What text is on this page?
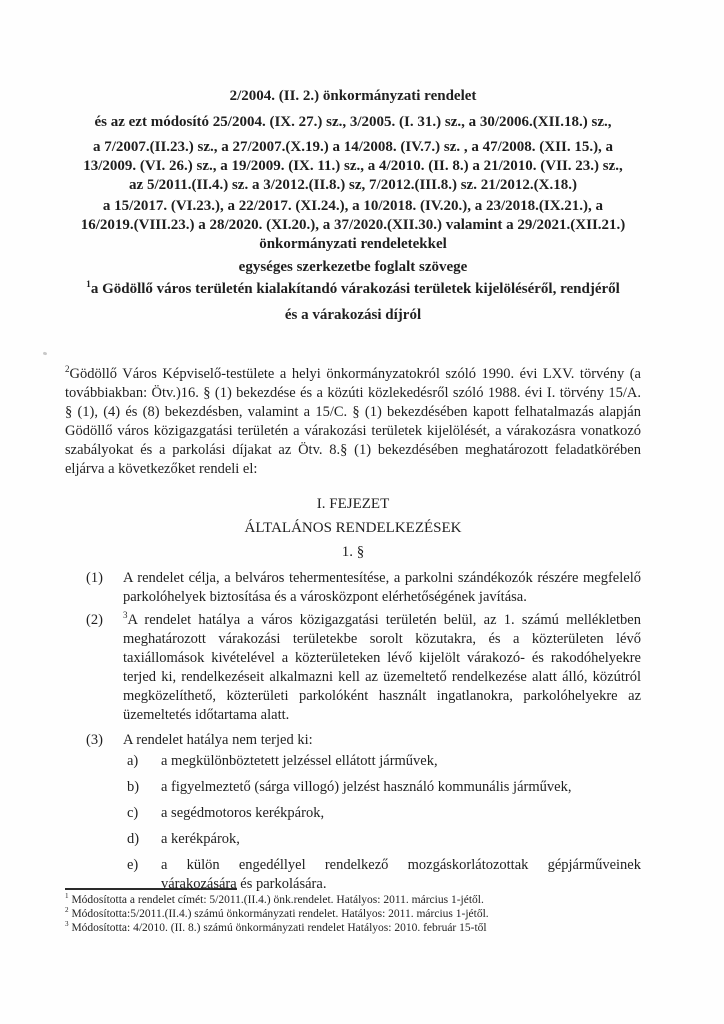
2/2004. (II. 2.) önkormányzati rendelet
és az ezt módosító 25/2004. (IX. 27.) sz., 3/2005. (I. 31.) sz., a 30/2006.(XII.18.) sz.,
a 7/2007.(II.23.) sz., a 27/2007.(X.19.) a 14/2008. (IV.7.) sz. , a 47/2008. (XII. 15.), a
13/2009. (VI. 26.) sz., a 19/2009. (IX. 11.) sz., a 4/2010. (II. 8.) a 21/2010. (VII. 23.) sz.,
az 5/2011.(II.4.) sz. a 3/2012.(II.8.) sz, 7/2012.(III.8.) sz. 21/2012.(X.18.)
a 15/2017. (VI.23.), a 22/2017. (XI.24.), a 10/2018. (IV.20.), a 23/2018.(IX.21.), a
16/2019.(VIII.23.) a 28/2020. (XI.20.), a 37/2020.(XII.30.) valamint a 29/2021.(XII.21.)
önkormányzati rendeletekkel
egységes szerkezetbe foglalt szövege
$^1$a Gödöllő város területén kialakítandó várakozási területek kijelöléséről, rendjéről
és a várakozási díjról
$^2$Gödöllő Város Képviselő-testülete a helyi önkormányzatokról szóló 1990. évi LXV. törvény (a továbbiakban: Ötv.)16. § (1) bekezdése és a közúti közlekedésről szóló 1988. évi I. törvény 15/A. § (1), (4) és (8) bekezdésben, valamint a 15/C. § (1) bekezdésében kapott felhatalmazás alapján Gödöllő város közigazgatási területén a várakozási területek kijelölését, a várakozásra vonatkozó szabályokat és a parkolási díjakat az Ötv. 8.§ (1) bekezdésében meghatározott feladatkörében eljárva a következőket rendeli el:
I. FEJEZET
ÁLTALÁNOS RENDELKEZÉSEK
1. §
(1)	A rendelet célja, a belváros tehermentesítése, a parkolni szándékozók részére megfelelő parkolóhelyek biztosítása és a városközpont elérhetőségének javítása.
(2)	$^3$A rendelet hatálya a város közigazgatási területén belül, az 1. számú mellékletben meghatározott várakozási területekbe sorolt közutakra, és a közterületen lévő taxiállomások kivételével a közterületeken lévő kijelölt várakozó- és rakodóhelyekre terjed ki, rendelkezéseit alkalmazni kell az üzemeltető rendelkezése alatt álló, közútról megközelíthető, közterületi parkolóként használt ingatlanokra, parkolóhelyekre az üzemeltetés időtartama alatt.
(3)	A rendelet hatálya nem terjed ki:
a)	a megkülönböztetett jelzéssel ellátott járművek,
b)	a figyelmeztető (sárga villogó) jelzést használó kommunális járművek,
c)	a segédmotoros kerékpárok,
d)	a kerékpárok,
e)	a külön engedéllyel rendelkező mozgáskorlátozottak gépjárműveinek várakozására és parkolására.
$^1$ Módosította a rendelet címét: 5/2011.(II.4.) önk.rendelet. Hatályos: 2011. március 1-jétől.
$^2$ Módosította:5/2011.(II.4.) számú önkormányzati rendelet. Hatályos: 2011. március 1-jétől.
$^3$ Módosította: 4/2010. (II. 8.) számú önkormányzati rendelet Hatályos: 2010. február 15-től
